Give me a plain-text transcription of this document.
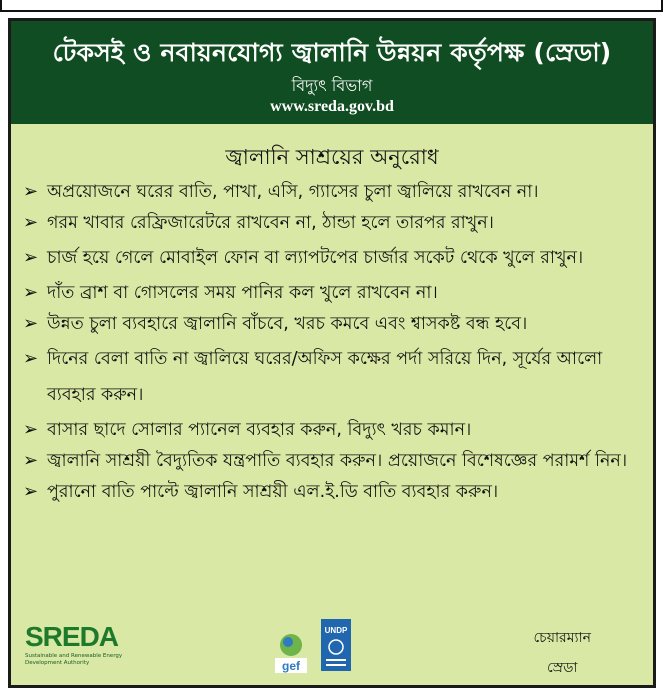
টেকসই ও নবায়নযোগ্য জ্বালানি উন্নয়ন কর্তৃপক্ষ (স্রেডা)
বিদ্যুৎ বিভাগ
www.sreda.gov.bd
জ্বালানি সাশ্রয়ের অনুরোধ
➢ অপ্রয়োজনে ঘরের বাতি, পাখা, এসি, গ্যাসের চুলা জ্বালিয়ে রাখবেন না।
➢ গরম খাবার রেফ্রিজারেটরে রাখবেন না, ঠান্ডা হলে তারপর রাখুন।
➢ চার্জ হয়ে গেলে মোবাইল ফোন বা ল্যাপটপের চার্জার সকেট থেকে খুলে রাখুন।
➢ দাঁত ব্রাশ বা গোসলের সময় পানির কল খুলে রাখবেন না।
➢ উন্নত চুলা ব্যবহারে জ্বালানি বাঁচবে, খরচ কমবে এবং শ্বাসকষ্ট বন্ধ হবে।
➢ দিনের বেলা বাতি না জ্বালিয়ে ঘরের/অফিস কক্ষের পর্দা সরিয়ে দিন, সূর্যের আলো ব্যবহার করুন।
➢ বাসার ছাদে সোলার প্যানেল ব্যবহার করুন, বিদ্যুৎ খরচ কমান।
➢ জ্বালানি সাশ্রয়ী বৈদ্যুতিক যন্ত্রপাতি ব্যবহার করুন। প্রয়োজনে বিশেষজ্ঞের পরামর্শ নিন।
➢ পুরানো বাতি পাল্টে জ্বালানি সাশ্রয়ী এল.ই.ডি বাতি ব্যবহার করুন।
SREDA
Sustainable and Renewable Energy Development Authority	gef
UNDP	চেয়ারম্যান
স্রেডা
